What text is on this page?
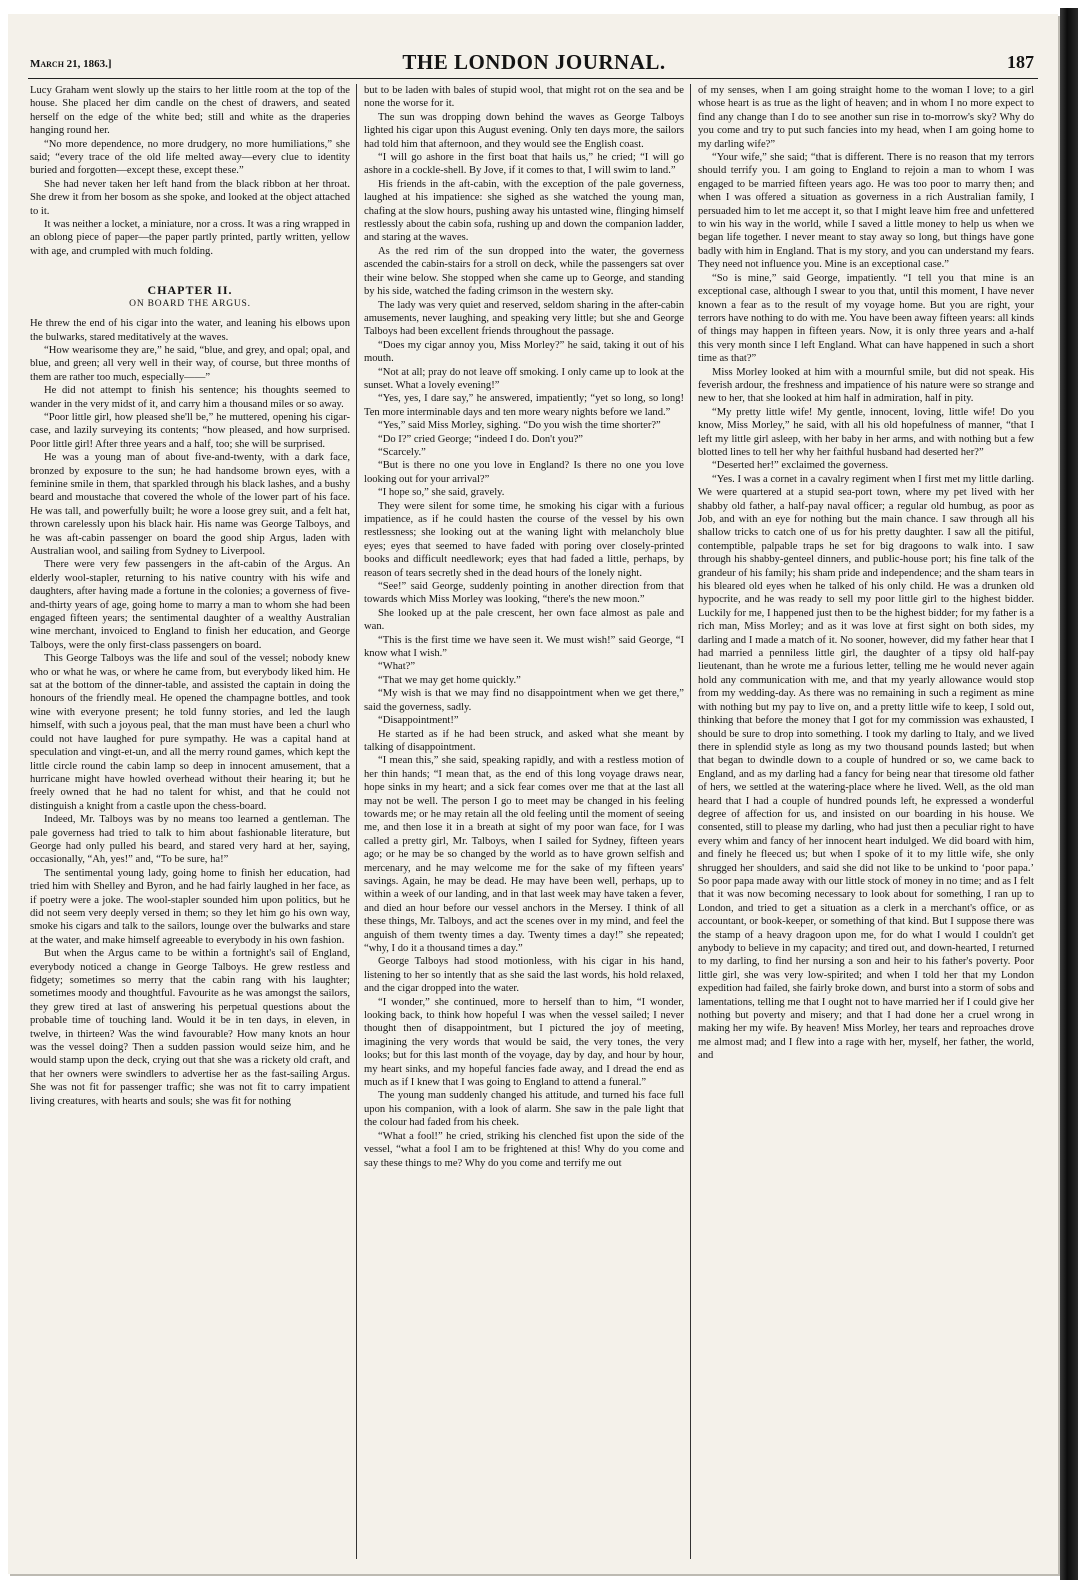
March 21, 1863.]	THE LONDON JOURNAL.	187

Lucy Graham went slowly up the stairs to her little room at the top of the house. She placed her dim candle on the chest of drawers, and seated herself on the edge of the white bed; still and white as the draperies hanging round her.

“No more dependence, no more drudgery, no more humiliations,” she said; “every trace of the old life melted away—every clue to identity buried and forgotten—except these, except these.”

She had never taken her left hand from the black ribbon at her throat. She drew it from her bosom as she spoke, and looked at the object attached to it.

It was neither a locket, a miniature, nor a cross. It was a ring wrapped in an oblong piece of paper—the paper partly printed, partly written, yellow with age, and crumpled with much folding.

CHAPTER II.
ON BOARD THE ARGUS.

He threw the end of his cigar into the water, and leaning his elbows upon the bulwarks, stared meditatively at the waves.

“How wearisome they are,” he said, “blue, and grey, and opal; opal, and blue, and green; all very well in their way, of course, but three months of them are rather too much, especially——”

He did not attempt to finish his sentence; his thoughts seemed to wander in the very midst of it, and carry him a thousand miles or so away.

“Poor little girl, how pleased she'll be,” he muttered, opening his cigar-case, and lazily surveying its contents; “how pleased, and how surprised. Poor little girl! After three years and a half, too; she will be surprised.

He was a young man of about five-and-twenty, with a dark face, bronzed by exposure to the sun; he had handsome brown eyes, with a feminine smile in them, that sparkled through his black lashes, and a bushy beard and moustache that covered the whole of the lower part of his face. He was tall, and powerfully built; he wore a loose grey suit, and a felt hat, thrown carelessly upon his black hair. His name was George Talboys, and he was aft-cabin passenger on board the good ship Argus, laden with Australian wool, and sailing from Sydney to Liverpool.

There were very few passengers in the aft-cabin of the Argus. An elderly wool-stapler, returning to his native country with his wife and daughters, after having made a fortune in the colonies; a governess of five-and-thirty years of age, going home to marry a man to whom she had been engaged fifteen years; the sentimental daughter of a wealthy Australian wine merchant, invoiced to England to finish her education, and George Talboys, were the only first-class passengers on board.

This George Talboys was the life and soul of the vessel; nobody knew who or what he was, or where he came from, but everybody liked him. He sat at the bottom of the dinner-table, and assisted the captain in doing the honours of the friendly meal. He opened the champagne bottles, and took wine with everyone present; he told funny stories, and led the laugh himself, with such a joyous peal, that the man must have been a churl who could not have laughed for pure sympathy. He was a capital hand at speculation and vingt-et-un, and all the merry round games, which kept the little circle round the cabin lamp so deep in innocent amusement, that a hurricane might have howled overhead without their hearing it; but he freely owned that he had no talent for whist, and that he could not distinguish a knight from a castle upon the chess-board.

Indeed, Mr. Talboys was by no means too learned a gentleman. The pale governess had tried to talk to him about fashionable literature, but George had only pulled his beard, and stared very hard at her, saying, occasionally, “Ah, yes!” and, “To be sure, ha!”

The sentimental young lady, going home to finish her education, had tried him with Shelley and Byron, and he had fairly laughed in her face, as if poetry were a joke. The wool-stapler sounded him upon politics, but he did not seem very deeply versed in them; so they let him go his own way, smoke his cigars and talk to the sailors, lounge over the bulwarks and stare at the water, and make himself agreeable to everybody in his own fashion.

But when the Argus came to be within a fortnight's sail of England, everybody noticed a change in George Talboys. He grew restless and fidgety; sometimes so merry that the cabin rang with his laughter; sometimes moody and thoughtful. Favourite as he was amongst the sailors, they grew tired at last of answering his perpetual questions about the probable time of touching land. Would it be in ten days, in eleven, in twelve, in thirteen? Was the wind favourable? How many knots an hour was the vessel doing? Then a sudden passion would seize him, and he would stamp upon the deck, crying out that she was a rickety old craft, and that her owners were swindlers to advertise her as the fast-sailing Argus. She was not fit for passenger traffic; she was not fit to carry impatient living creatures, with hearts and souls; she was fit for nothing

but to be laden with bales of stupid wool, that might rot on the sea and be none the worse for it.

The sun was dropping down behind the waves as George Talboys lighted his cigar upon this August evening. Only ten days more, the sailors had told him that afternoon, and they would see the English coast.

“I will go ashore in the first boat that hails us,” he cried; “I will go ashore in a cockle-shell. By Jove, if it comes to that, I will swim to land.”

His friends in the aft-cabin, with the exception of the pale governess, laughed at his impatience: she sighed as she watched the young man, chafing at the slow hours, pushing away his untasted wine, flinging himself restlessly about the cabin sofa, rushing up and down the companion ladder, and staring at the waves.

As the red rim of the sun dropped into the water, the governess ascended the cabin-stairs for a stroll on deck, while the passengers sat over their wine below. She stopped when she came up to George, and standing by his side, watched the fading crimson in the western sky.

The lady was very quiet and reserved, seldom sharing in the after-cabin amusements, never laughing, and speaking very little; but she and George Talboys had been excellent friends throughout the passage.

“Does my cigar annoy you, Miss Morley?” he said, taking it out of his mouth.

“Not at all; pray do not leave off smoking. I only came up to look at the sunset. What a lovely evening!”

“Yes, yes, I dare say,” he answered, impatiently; “yet so long, so long! Ten more interminable days and ten more weary nights before we land.”

“Yes,” said Miss Morley, sighing. “Do you wish the time shorter?”

“Do I?” cried George; “indeed I do. Don't you?”

“Scarcely.”

“But is there no one you love in England? Is there no one you love looking out for your arrival?”

“I hope so,” she said, gravely.

They were silent for some time, he smoking his cigar with a furious impatience, as if he could hasten the course of the vessel by his own restlessness; she looking out at the waning light with melancholy blue eyes; eyes that seemed to have faded with poring over closely-printed books and difficult needlework; eyes that had faded a little, perhaps, by reason of tears secretly shed in the dead hours of the lonely night.

“See!” said George, suddenly pointing in another direction from that towards which Miss Morley was looking, “there's the new moon.”

She looked up at the pale crescent, her own face almost as pale and wan.

“This is the first time we have seen it. We must wish!” said George, “I know what I wish.”

“What?”

“That we may get home quickly.”

“My wish is that we may find no disappointment when we get there,” said the governess, sadly.

“Disappointment!”

He started as if he had been struck, and asked what she meant by talking of disappointment.

“I mean this,” she said, speaking rapidly, and with a restless motion of her thin hands; “I mean that, as the end of this long voyage draws near, hope sinks in my heart; and a sick fear comes over me that at the last all may not be well. The person I go to meet may be changed in his feeling towards me; or he may retain all the old feeling until the moment of seeing me, and then lose it in a breath at sight of my poor wan face, for I was called a pretty girl, Mr. Talboys, when I sailed for Sydney, fifteen years ago; or he may be so changed by the world as to have grown selfish and mercenary, and he may welcome me for the sake of my fifteen years' savings. Again, he may be dead. He may have been well, perhaps, up to within a week of our landing, and in that last week may have taken a fever, and died an hour before our vessel anchors in the Mersey. I think of all these things, Mr. Talboys, and act the scenes over in my mind, and feel the anguish of them twenty times a day. Twenty times a day!” she repeated; “why, I do it a thousand times a day.”

George Talboys had stood motionless, with his cigar in his hand, listening to her so intently that as she said the last words, his hold relaxed, and the cigar dropped into the water.

“I wonder,” she continued, more to herself than to him, “I wonder, looking back, to think how hopeful I was when the vessel sailed; I never thought then of disappointment, but I pictured the joy of meeting, imagining the very words that would be said, the very tones, the very looks; but for this last month of the voyage, day by day, and hour by hour, my heart sinks, and my hopeful fancies fade away, and I dread the end as much as if I knew that I was going to England to attend a funeral.”

The young man suddenly changed his attitude, and turned his face full upon his companion, with a look of alarm. She saw in the pale light that the colour had faded from his cheek.

“What a fool!” he cried, striking his clenched fist upon the side of the vessel, “what a fool I am to be frightened at this! Why do you come and say these things to me? Why do you come and terrify me out

of my senses, when I am going straight home to the woman I love; to a girl whose heart is as true as the light of heaven; and in whom I no more expect to find any change than I do to see another sun rise in to-morrow's sky? Why do you come and try to put such fancies into my head, when I am going home to my darling wife?”

“Your wife,” she said; “that is different. There is no reason that my terrors should terrify you. I am going to England to rejoin a man to whom I was engaged to be married fifteen years ago. He was too poor to marry then; and when I was offered a situation as governess in a rich Australian family, I persuaded him to let me accept it, so that I might leave him free and unfettered to win his way in the world, while I saved a little money to help us when we began life together. I never meant to stay away so long, but things have gone badly with him in England. That is my story, and you can understand my fears. They need not influence you. Mine is an exceptional case.”

“So is mine,” said George, impatiently. “I tell you that mine is an exceptional case, although I swear to you that, until this moment, I have never known a fear as to the result of my voyage home. But you are right, your terrors have nothing to do with me. You have been away fifteen years: all kinds of things may happen in fifteen years. Now, it is only three years and a-half this very month since I left England. What can have happened in such a short time as that?”

Miss Morley looked at him with a mournful smile, but did not speak. His feverish ardour, the freshness and impatience of his nature were so strange and new to her, that she looked at him half in admiration, half in pity.

“My pretty little wife! My gentle, innocent, loving, little wife! Do you know, Miss Morley,” he said, with all his old hopefulness of manner, “that I left my little girl asleep, with her baby in her arms, and with nothing but a few blotted lines to tell her why her faithful husband had deserted her?”

“Deserted her!” exclaimed the governess.

“Yes. I was a cornet in a cavalry regiment when I first met my little darling. We were quartered at a stupid sea-port town, where my pet lived with her shabby old father, a half-pay naval officer; a regular old humbug, as poor as Job, and with an eye for nothing but the main chance. I saw through all his shallow tricks to catch one of us for his pretty daughter. I saw all the pitiful, contemptible, palpable traps he set for big dragoons to walk into. I saw through his shabby-genteel dinners, and public-house port; his fine talk of the grandeur of his family; his sham pride and independence; and the sham tears in his bleared old eyes when he talked of his only child. He was a drunken old hypocrite, and he was ready to sell my poor little girl to the highest bidder. Luckily for me, I happened just then to be the highest bidder; for my father is a rich man, Miss Morley; and as it was love at first sight on both sides, my darling and I made a match of it. No sooner, however, did my father hear that I had married a penniless little girl, the daughter of a tipsy old half-pay lieutenant, than he wrote me a furious letter, telling me he would never again hold any communication with me, and that my yearly allowance would stop from my wedding-day. As there was no remaining in such a regiment as mine with nothing but my pay to live on, and a pretty little wife to keep, I sold out, thinking that before the money that I got for my commission was exhausted, I should be sure to drop into something. I took my darling to Italy, and we lived there in splendid style as long as my two thousand pounds lasted; but when that began to dwindle down to a couple of hundred or so, we came back to England, and as my darling had a fancy for being near that tiresome old father of hers, we settled at the watering-place where he lived. Well, as the old man heard that I had a couple of hundred pounds left, he expressed a wonderful degree of affection for us, and insisted on our boarding in his house. We consented, still to please my darling, who had just then a peculiar right to have every whim and fancy of her innocent heart indulged. We did board with him, and finely he fleeced us; but when I spoke of it to my little wife, she only shrugged her shoulders, and said she did not like to be unkind to ‘poor papa.’ So poor papa made away with our little stock of money in no time; and as I felt that it was now becoming necessary to look about for something, I ran up to London, and tried to get a situation as a clerk in a merchant's office, or as accountant, or book-keeper, or something of that kind. But I suppose there was the stamp of a heavy dragoon upon me, for do what I would I couldn't get anybody to believe in my capacity; and tired out, and down-hearted, I returned to my darling, to find her nursing a son and heir to his father's poverty. Poor little girl, she was very low-spirited; and when I told her that my London expedition had failed, she fairly broke down, and burst into a storm of sobs and lamentations, telling me that I ought not to have married her if I could give her nothing but poverty and misery; and that I had done her a cruel wrong in making her my wife. By heaven! Miss Morley, her tears and reproaches drove me almost mad; and I flew into a rage with her, myself, her father, the world, and
